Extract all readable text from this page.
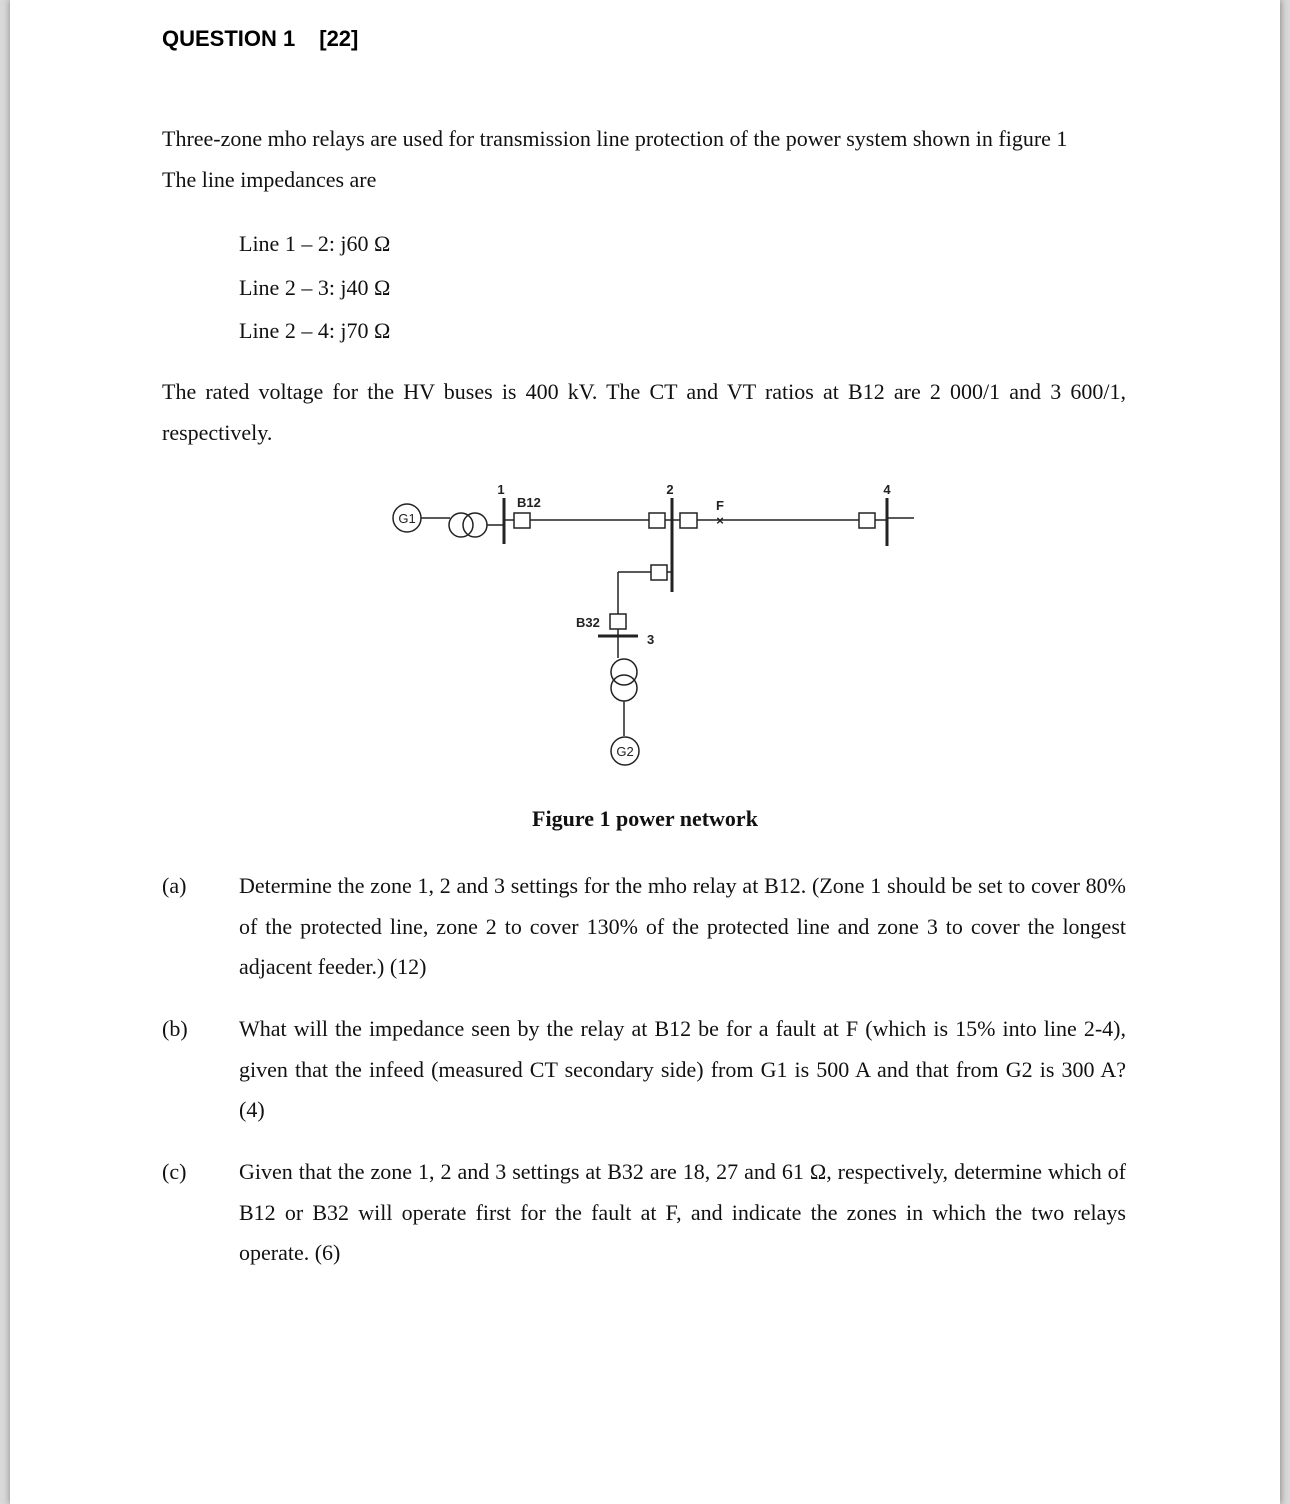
QUESTION 1 [22]
Three-zone mho relays are used for transmission line protection of the power system shown in figure 1
The line impedances are
Line 1 – 2: j60 Ω
Line 2 – 3: j40 Ω
Line 2 – 4: j70 Ω
The rated voltage for the HV buses is 400 kV. The CT and VT ratios at B12 are 2 000/1 and 3 600/1, respectively.
G1
G2
1
B12
2
F
×
4
B32
3
Figure 1 power network
(a) Determine the zone 1, 2 and 3 settings for the mho relay at B12. (Zone 1 should be set to cover 80% of the protected line, zone 2 to cover 130% of the protected line and zone 3 to cover the longest adjacent feeder.) (12)
(b) What will the impedance seen by the relay at B12 be for a fault at F (which is 15% into line 2-4), given that the infeed (measured CT secondary side) from G1 is 500 A and that from G2 is 300 A? (4)
(c) Given that the zone 1, 2 and 3 settings at B32 are 18, 27 and 61 Ω, respectively, determine which of B12 or B32 will operate first for the fault at F, and indicate the zones in which the two relays operate. (6)
